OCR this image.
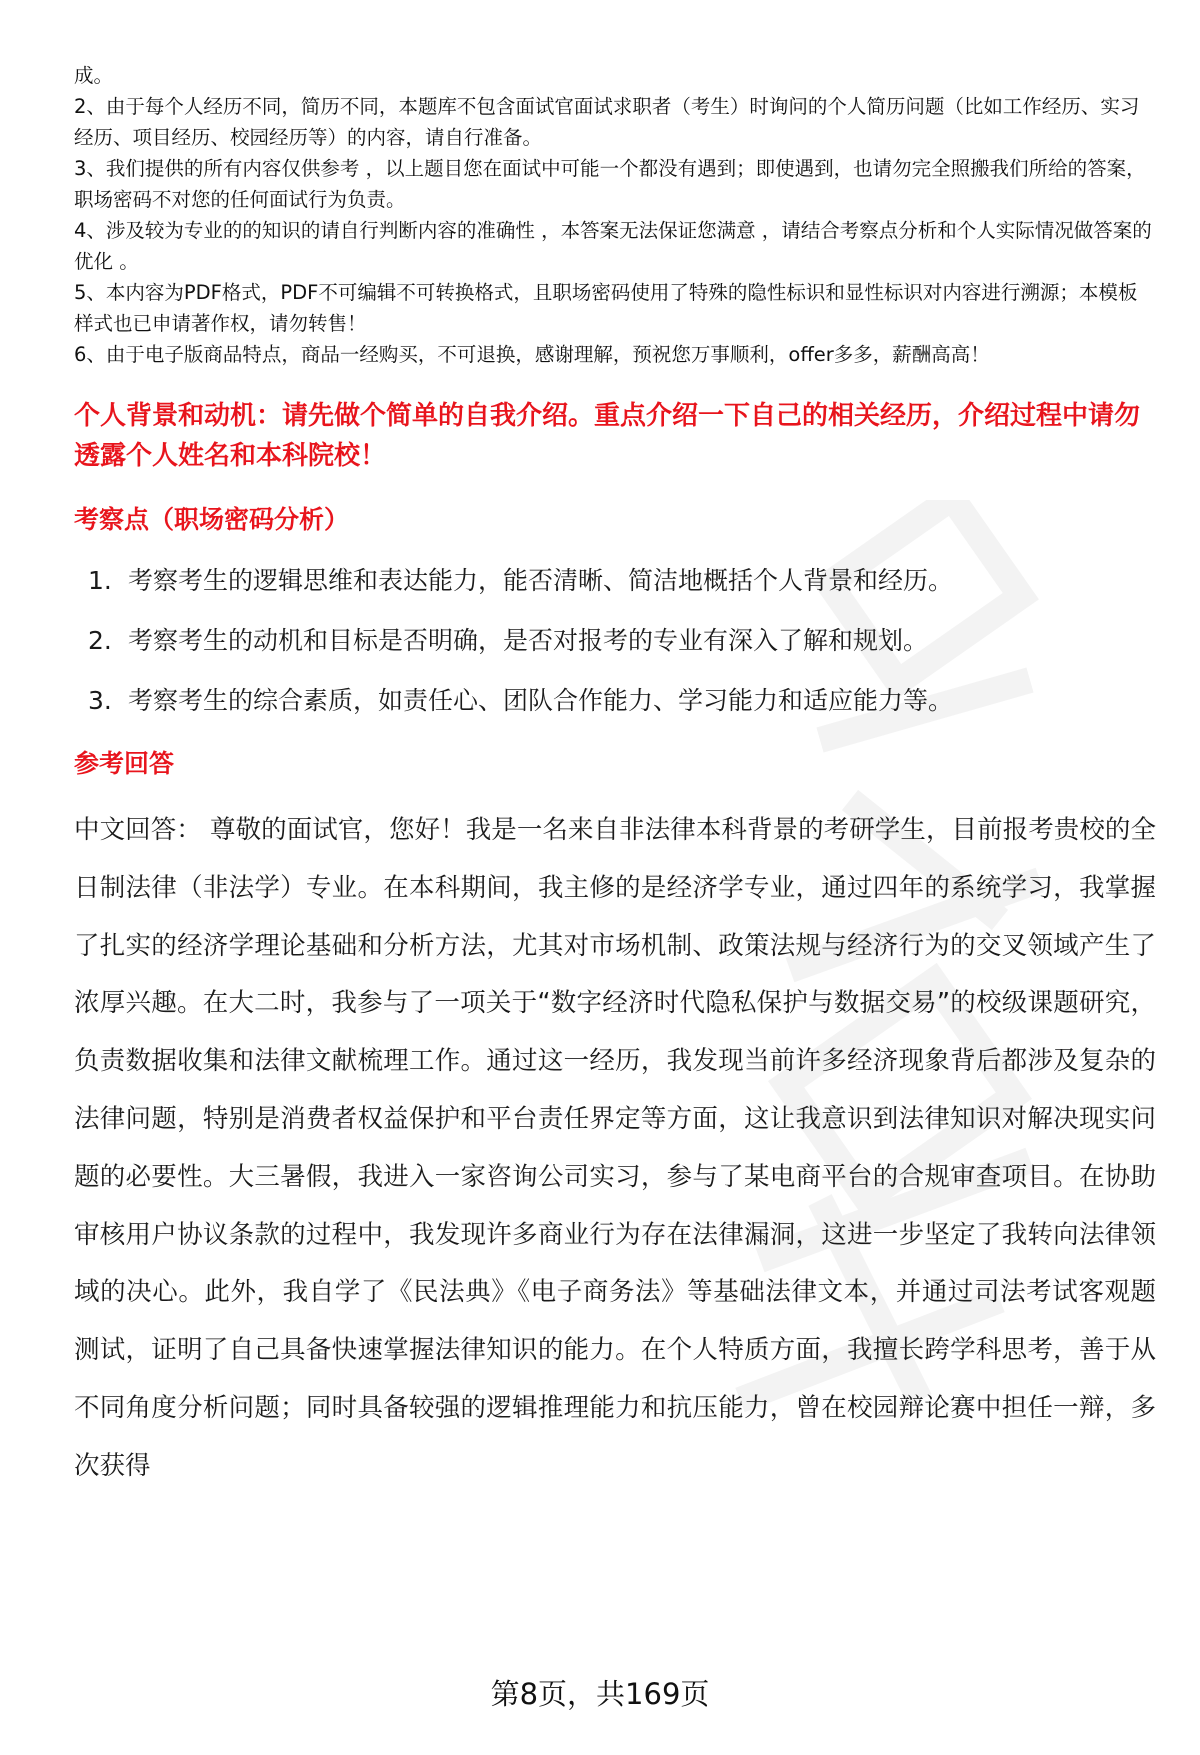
成。

2、由于每个人经历不同，简历不同，本题库不包含面试官面试求职者（考生）时询问的个人简历问题（比如工作经历、实习经历、项目经历、校园经历等）的内容，请自行准备。

3、我们提供的所有内容仅供参考 ，以上题目您在面试中可能一个都没有遇到；即使遇到，也请勿完全照搬我们所给的答案，职场密码不对您的任何面试行为负责。

4、涉及较为专业的的知识的请自行判断内容的准确性 ，本答案无法保证您满意 ，请结合考察点分析和个人实际情况做答案的优化 。

5、本内容为PDF格式，PDF不可编辑不可转换格式，且职场密码使用了特殊的隐性标识和显性标识对内容进行溯源；本模板样式也已申请著作权，请勿转售！

6、由于电子版商品特点，商品一经购买，不可退换，感谢理解，预祝您万事顺利，offer多多，薪酬高高！

个人背景和动机：请先做个简单的自我介绍。重点介绍一下自己的相关经历，介绍过程中请勿透露个人姓名和本科院校！
考察点（职场密码分析）
1. 考察考生的逻辑思维和表达能力，能否清晰、简洁地概括个人背景和经历。
2. 考察考生的动机和目标是否明确，是否对报考的专业有深入了解和规划。
3. 考察考生的综合素质，如责任心、团队合作能力、学习能力和适应能力等。
参考回答

中文回答： 尊敬的面试官，您好！我是一名来自非法律本科背景的考研学生，目前报考贵校的全日制法律（非法学）专业。在本科期间，我主修的是经济学专业，通过四年的系统学习，我掌握了扎实的经济学理论基础和分析方法，尤其对市场机制、政策法规与经济行为的交叉领域产生了浓厚兴趣。在大二时，我参与了一项关于“数字经济时代隐私保护与数据交易”的校级课题研究，负责数据收集和法律文献梳理工作。通过这一经历，我发现当前许多经济现象背后都涉及复杂的法律问题，特别是消费者权益保护和平台责任界定等方面，这让我意识到法律知识对解决现实问题的必要性。大三暑假，我进入一家咨询公司实习，参与了某电商平台的合规审查项目。在协助审核用户协议条款的过程中，我发现许多商业行为存在法律漏洞，这进一步坚定了我转向法律领域的决心。此外，我自学了《民法典》《电子商务法》等基础法律文本，并通过司法考试客观题测试，证明了自己具备快速掌握法律知识的能力。在个人特质方面，我擅长跨学科思考，善于从不同角度分析问题；同时具备较强的逻辑推理能力和抗压能力，曾在校园辩论赛中担任一辩，多次获得

第8页，共169页
